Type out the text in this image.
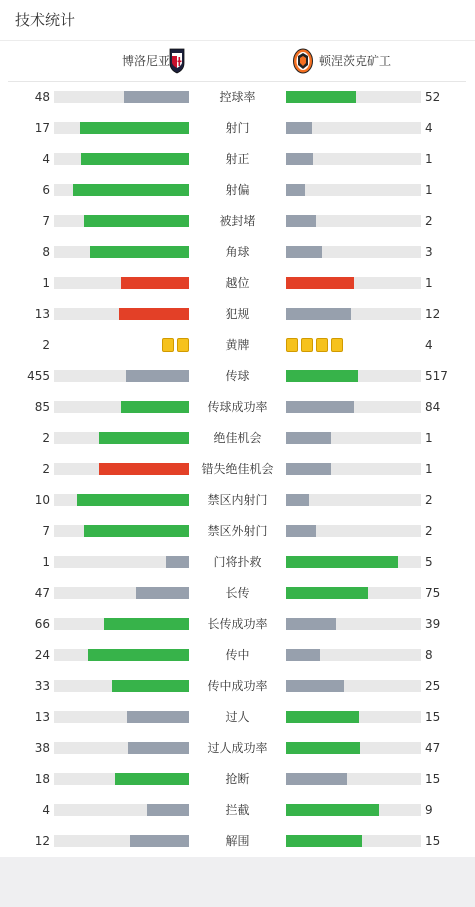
技术统计
博洛尼亚	顿涅茨克矿工
48	控球率	52
17	射门	4
4	射正	1
6	射偏	1
7	被封堵	2
8	角球	3
1	越位	1
13	犯规	12
2	黄牌	4
455	传球	517
85	传球成功率	84
2	绝佳机会	1
2	错失绝佳机会	1
10	禁区内射门	2
7	禁区外射门	2
1	门将扑救	5
47	长传	75
66	长传成功率	39
24	传中	8
33	传中成功率	25
13	过人	15
38	过人成功率	47
18	抢断	15
4	拦截	9
12	解围	15
